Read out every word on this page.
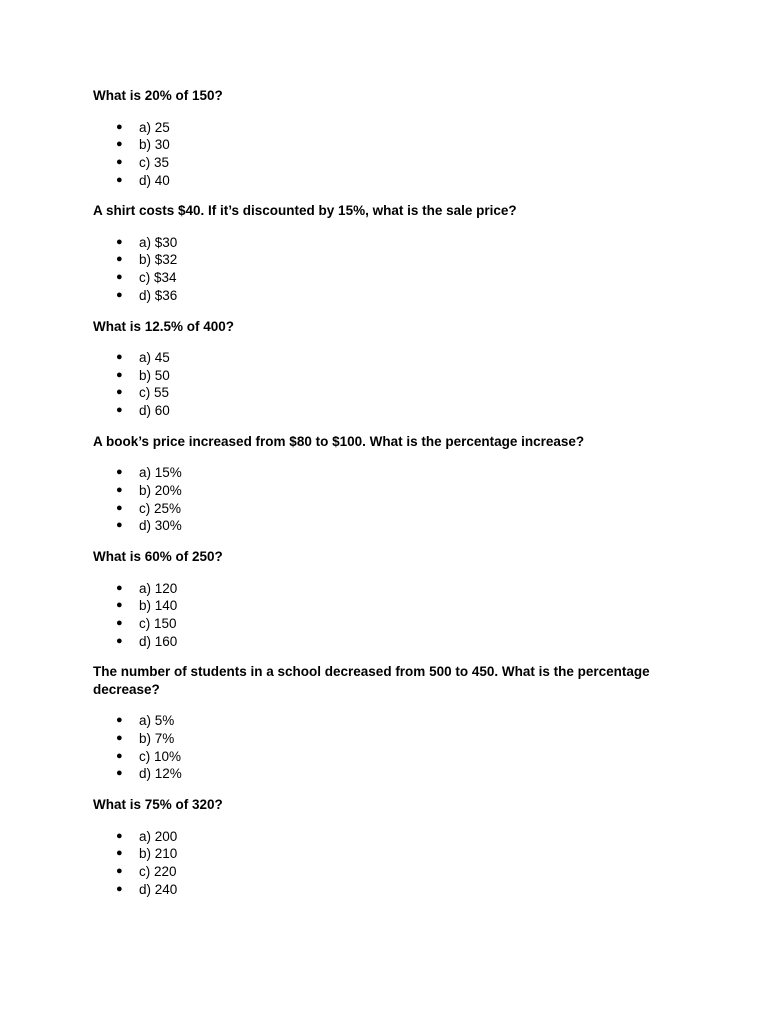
What is 20% of 150?

● a) 25
● b) 30
● c) 35
● d) 40

A shirt costs $40. If it’s discounted by 15%, what is the sale price?

● a) $30
● b) $32
● c) $34
● d) $36

What is 12.5% of 400?

● a) 45
● b) 50
● c) 55
● d) 60

A book’s price increased from $80 to $100. What is the percentage increase?

● a) 15%
● b) 20%
● c) 25%
● d) 30%

What is 60% of 250?

● a) 120
● b) 140
● c) 150
● d) 160

The number of students in a school decreased from 500 to 450. What is the percentage decrease?

● a) 5%
● b) 7%
● c) 10%
● d) 12%

What is 75% of 320?

● a) 200
● b) 210
● c) 220
● d) 240
